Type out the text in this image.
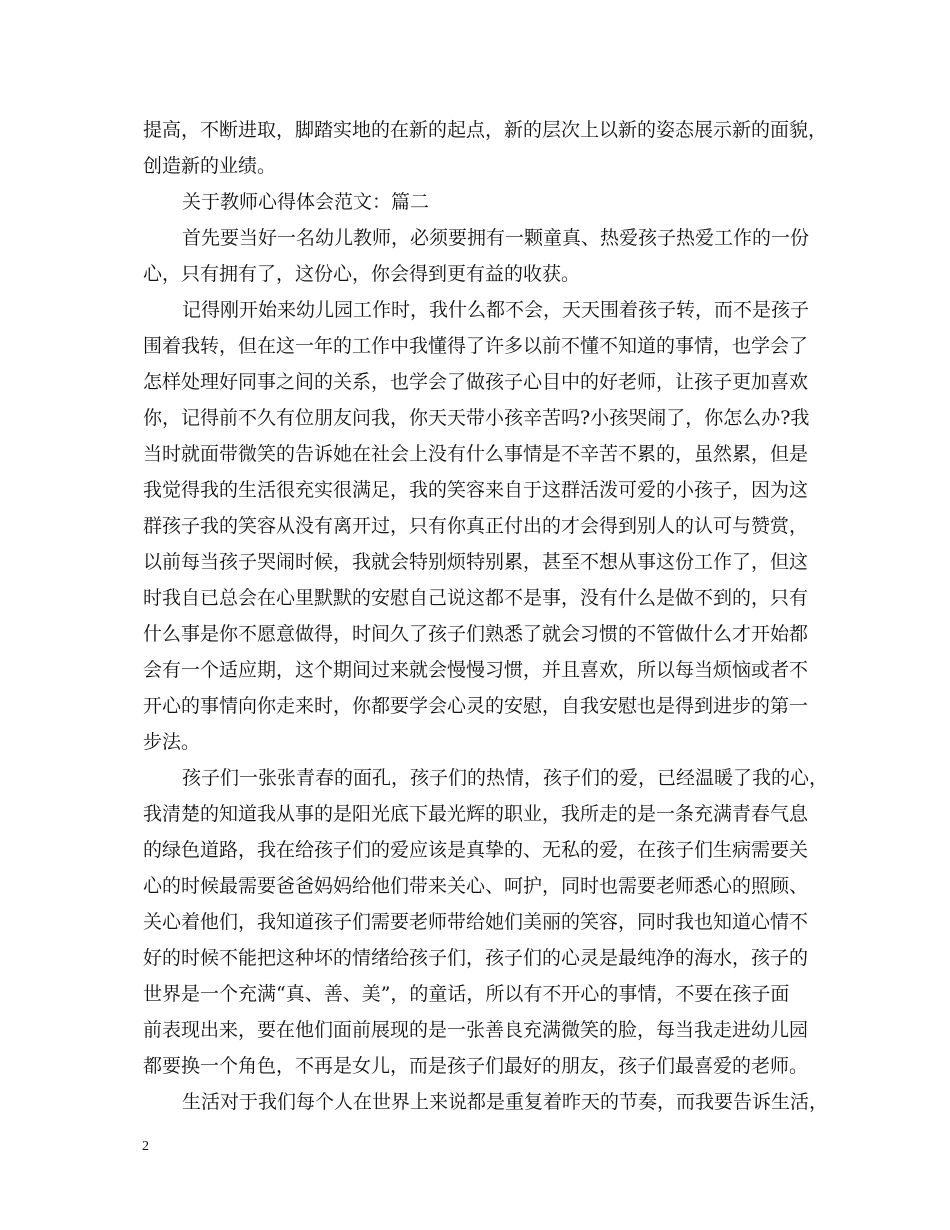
提高，不断进取，脚踏实地的在新的起点，新的层次上以新的姿态展示新的面貌，
创造新的业绩。
关于教师心得体会范文：篇二
首先要当好一名幼儿教师，必须要拥有一颗童真、热爱孩子热爱工作的一份
心，只有拥有了，这份心，你会得到更有益的收获。
记得刚开始来幼儿园工作时，我什么都不会，天天围着孩子转，而不是孩子
围着我转，但在这一年的工作中我懂得了许多以前不懂不知道的事情，也学会了
怎样处理好同事之间的关系，也学会了做孩子心目中的好老师，让孩子更加喜欢
你，记得前不久有位朋友问我，你天天带小孩辛苦吗?小孩哭闹了，你怎么办?我
当时就面带微笑的告诉她在社会上没有什么事情是不辛苦不累的，虽然累，但是
我觉得我的生活很充实很满足，我的笑容来自于这群活泼可爱的小孩子，因为这
群孩子我的笑容从没有离开过，只有你真正付出的才会得到别人的认可与赞赏，
以前每当孩子哭闹时候，我就会特别烦特别累，甚至不想从事这份工作了，但这
时我自已总会在心里默默的安慰自己说这都不是事，没有什么是做不到的，只有
什么事是你不愿意做得，时间久了孩子们熟悉了就会习惯的不管做什么才开始都
会有一个适应期，这个期间过来就会慢慢习惯，并且喜欢，所以每当烦恼或者不
开心的事情向你走来时，你都要学会心灵的安慰，自我安慰也是得到进步的第一
步法。
孩子们一张张青春的面孔，孩子们的热情，孩子们的爱，已经温暖了我的心，
我清楚的知道我从事的是阳光底下最光辉的职业，我所走的是一条充满青春气息
的绿色道路，我在给孩子们的爱应该是真挚的、无私的爱，在孩子们生病需要关
心的时候最需要爸爸妈妈给他们带来关心、呵护，同时也需要老师悉心的照顾、
关心着他们，我知道孩子们需要老师带给她们美丽的笑容，同时我也知道心情不
好的时候不能把这种坏的情绪给孩子们，孩子们的心灵是最纯净的海水，孩子的
世界是一个充满“真、善、美”，的童话，所以有不开心的事情，不要在孩子面
前表现出来，要在他们面前展现的是一张善良充满微笑的脸，每当我走进幼儿园
都要换一个角色，不再是女儿，而是孩子们最好的朋友，孩子们最喜爱的老师。
生活对于我们每个人在世界上来说都是重复着昨天的节奏，而我要告诉生活，
2
